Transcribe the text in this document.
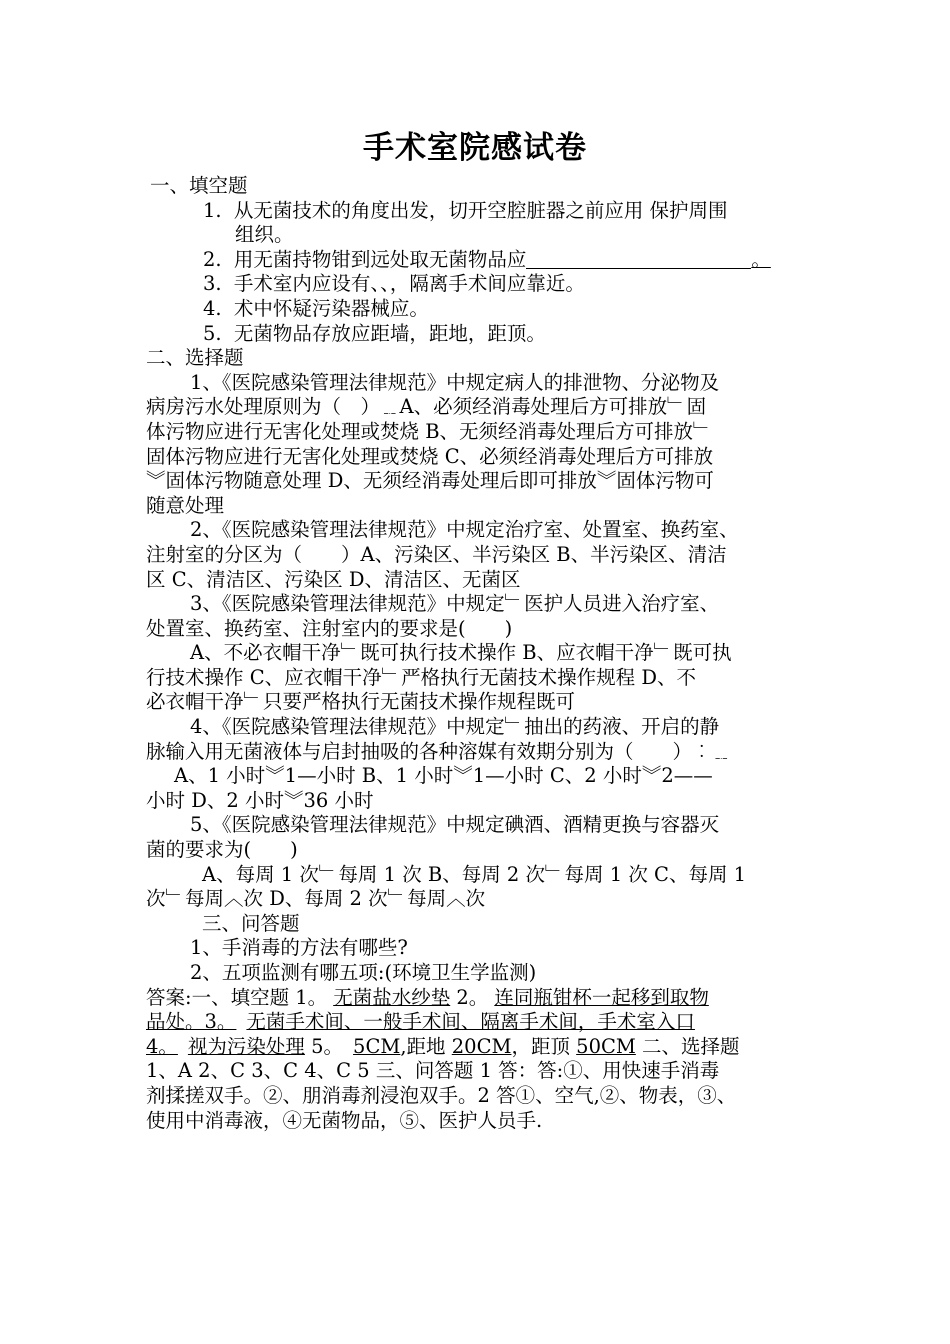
手术室院感试卷
一、填空题
1. 从无菌技术的角度出发，切开空腔脏器之前应用 保护周围
组织。
2. 用无菌持物钳到远处取无菌物品应	。
3. 手术室内应设有、、，隔离手术间应靠近。
4. 术中怀疑污染器械应。
5. 无菌物品存放应距墙，距地，距顶。
二、选择题
1、《医院感染管理法律规范》中规定病人的排泄物、分泌物及
病房污水处理原则为（　）﹎A、必须经消毒处理后方可排放﹂固
体污物应进行无害化处理或焚烧 B、无须经消毒处理后方可排放﹂
固体污物应进行无害化处理或焚烧 C、必须经消毒处理后方可排放
︾固体污物随意处理 D、无须经消毒处理后即可排放︾固体污物可
随意处理
2、《医院感染管理法律规范》中规定治疗室、处置室、换药室、
注射室的分区为（　　）A、污染区、半污染区 B、半污染区、清洁
区 C、清洁区、污染区 D、清洁区、无菌区
3、《医院感染管理法律规范》中规定﹂医护人员进入治疗室、
处置室、换药室、注射室内的要求是(　　)
A、不必衣帽干净﹂既可执行技术操作 B、应衣帽干净﹂既可执
行技术操作 C、应衣帽干净﹂严格执行无菌技术操作规程 D、不
必衣帽干净﹂只要严格执行无菌技术操作规程既可
4、《医院感染管理法律规范》中规定﹂抽出的药液、开启的静
脉输入用无菌液体与启封抽吸的各种溶媒有效期分别为（　　）︰﹎
A、1 小时︾1—小时 B、1 小时︾1—小时 C、2 小时︾2——
小时 D、2 小时︾36 小时
5、《医院感染管理法律规范》中规定碘酒、酒精更换与容器灭
菌的要求为(　　)
A、每周 1 次﹂每周 1 次 B、每周 2 次﹂每周 1 次 C、每周 1
次﹂每周︿次 D、每周 2 次﹂每周︿次
三、问答题
1、手消毒的方法有哪些?
2、五项监测有哪五项:(环境卫生学监测)
答案:一、填空题 1。 无菌盐水纱垫 2。 连同瓶钳杯一起移到取物
品处。3。 无菌手术间、一般手术间、隔离手术间，手术室入口
4。 视为污染处理 5。 5CM,距地 20CM，距顶 50CM 二、选择题
1、A 2、C 3、C 4、C 5 三、问答题 1 答：答:①、用快速手消毒
剂揉搓双手。②、朋消毒剂浸泡双手。2 答①、空气,②、物表，③、
使用中消毒液，④无菌物品，⑤、医护人员手.
